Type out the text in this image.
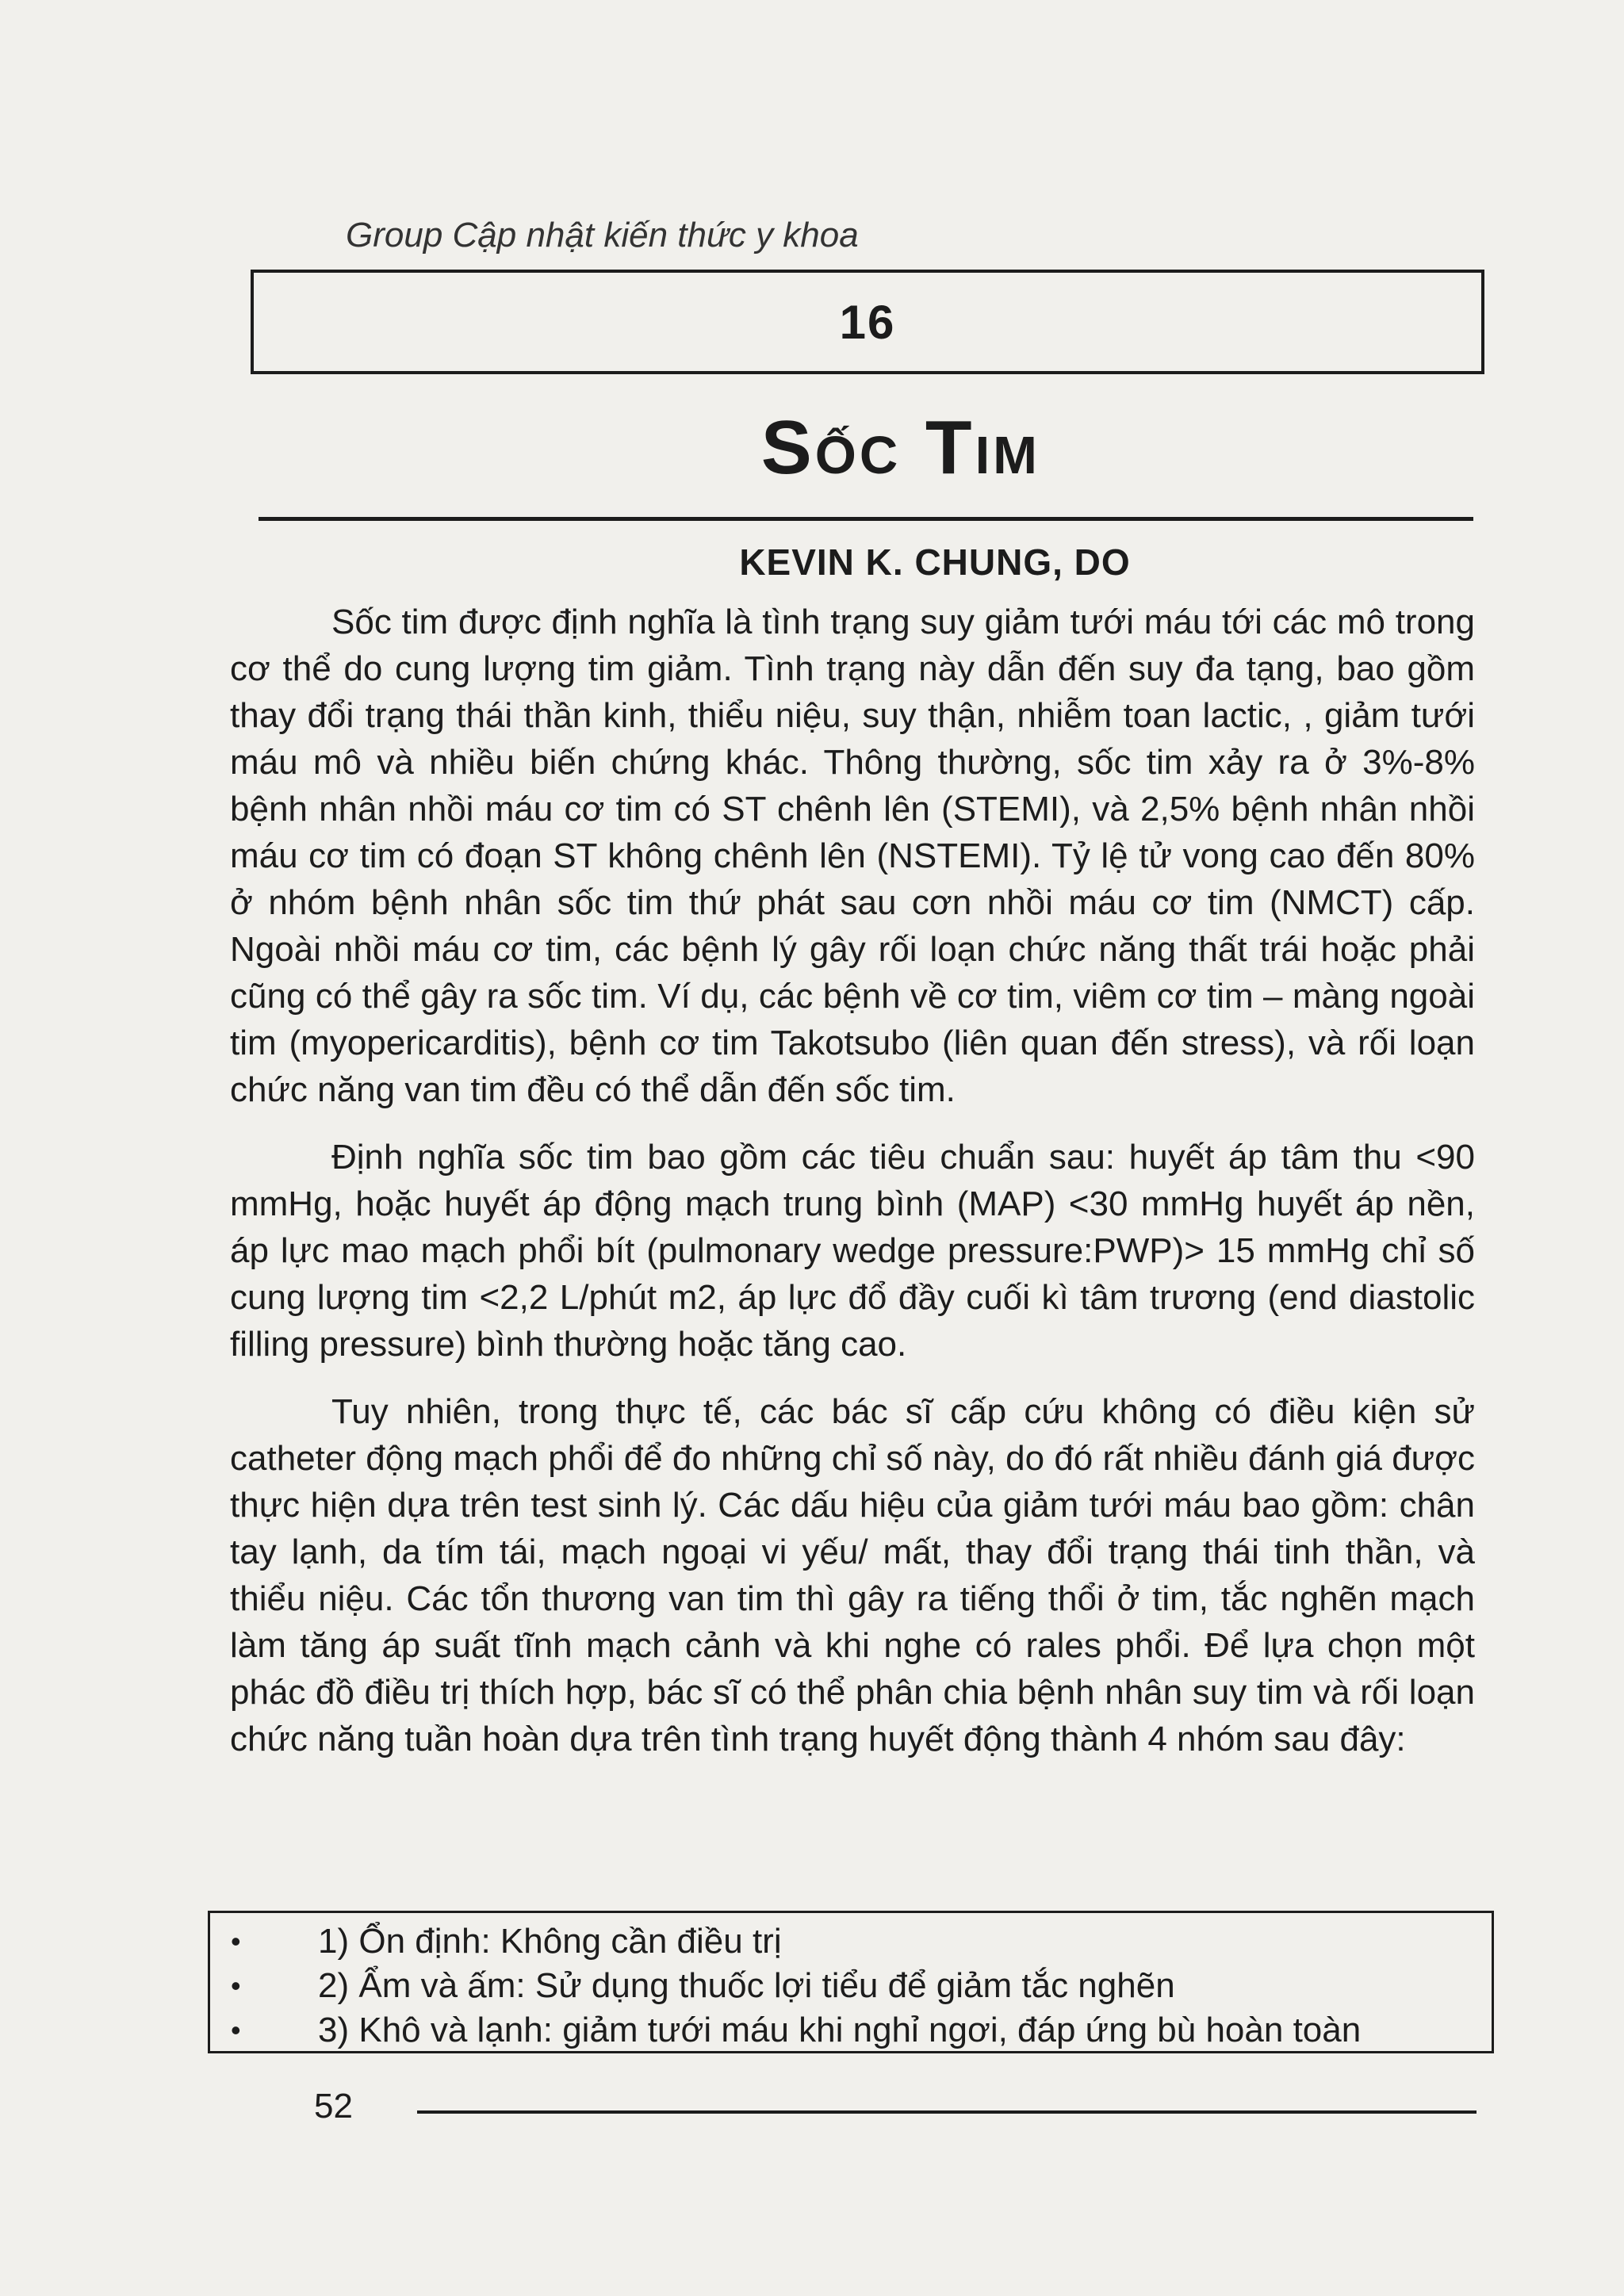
Group Cập nhật kiến thức y khoa
16
Sốc Tim
KEVIN K. CHUNG, DO

Sốc tim được định nghĩa là tình trạng suy giảm tưới máu tới các mô trong cơ thể do cung lượng tim giảm. Tình trạng này dẫn đến suy đa tạng, bao gồm thay đổi trạng thái thần kinh, thiểu niệu, suy thận, nhiễm toan lactic, , giảm tưới máu mô và nhiều biến chứng khác. Thông thường, sốc tim xảy ra ở 3%-8% bệnh nhân nhồi máu cơ tim có ST chênh lên (STEMI), và 2,5% bệnh nhân nhồi máu cơ tim có đoạn ST không chênh lên (NSTEMI). Tỷ lệ tử vong cao đến 80% ở nhóm bệnh nhân sốc tim thứ phát sau cơn nhồi máu cơ tim (NMCT) cấp. Ngoài nhồi máu cơ tim, các bệnh lý gây rối loạn chức năng thất trái hoặc phải cũng có thể gây ra sốc tim. Ví dụ, các bệnh về cơ tim, viêm cơ tim – màng ngoài tim (myopericarditis), bệnh cơ tim Takotsubo (liên quan đến stress), và rối loạn chức năng van tim đều có thể dẫn đến sốc tim.

Định nghĩa sốc tim bao gồm các tiêu chuẩn sau: huyết áp tâm thu <90 mmHg, hoặc huyết áp động mạch trung bình (MAP) <30 mmHg huyết áp nền, áp lực mao mạch phổi bít (pulmonary wedge pressure:PWP)> 15 mmHg chỉ số cung lượng tim <2,2 L/phút m2, áp lực đổ đầy cuối kì tâm trương (end diastolic filling pressure) bình thường hoặc tăng cao.

Tuy nhiên, trong thực tế, các bác sĩ cấp cứu không có điều kiện sử catheter động mạch phổi để đo những chỉ số này, do đó rất nhiều đánh giá được thực hiện dựa trên test sinh lý. Các dấu hiệu của giảm tưới máu bao gồm: chân tay lạnh, da tím tái, mạch ngoại vi yếu/ mất, thay đổi trạng thái tinh thần, và thiểu niệu. Các tổn thương van tim thì gây ra tiếng thổi ở tim, tắc nghẽn mạch làm tăng áp suất tĩnh mạch cảnh và khi nghe có rales phổi. Để lựa chọn một phác đồ điều trị thích hợp, bác sĩ có thể phân chia bệnh nhân suy tim và rối loạn chức năng tuần hoàn dựa trên tình trạng huyết động thành 4 nhóm sau đây:

•	1) Ổn định: Không cần điều trị
•	2) Ẩm và ấm: Sử dụng thuốc lợi tiểu để giảm tắc nghẽn
•	3) Khô và lạnh: giảm tưới máu khi nghỉ ngơi, đáp ứng bù hoàn toàn
52
